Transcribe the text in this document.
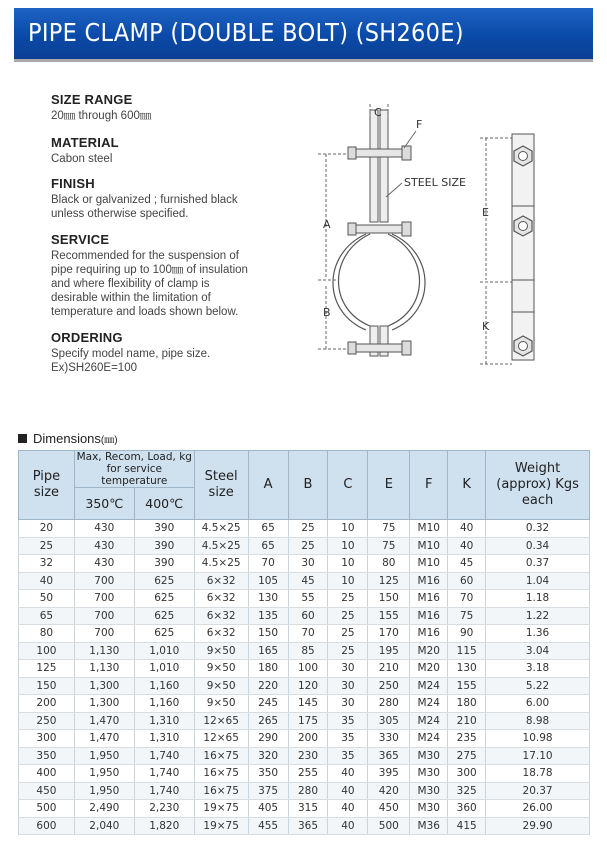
PIPE CLAMP (DOUBLE BOLT) (SH260E)
SIZE RANGE

20㎜ through 600㎜

MATERIAL

Cabon steel

FINISH

Black or galvanized ; furnished black
unless otherwise specified.

SERVICE

Recommended for the suspension of
pipe requiring up to 100㎜ of insulation
and where flexibility of clamp is
desirable within the limitation of
temperature and loads shown below.

ORDERING

Specify model name, pipe size.
Ex)SH260E=100

A
B
C
F
STEEL SIZE
E
K
Dimensions(㎜)
Pipe size	Max, Recom, Load, kg for service temperature		Steel size	A	B	C	E	F	K	Weight (approx) Kgs each
	350℃	400℃								
20	430	390	4.5×25	65	25	10	75	M10	40	0.32
25	430	390	4.5×25	65	25	10	75	M10	40	0.34
32	430	390	4.5×25	70	30	10	80	M10	45	0.37
40	700	625	6×32	105	45	10	125	M16	60	1.04
50	700	625	6×32	130	55	25	150	M16	70	1.18
65	700	625	6×32	135	60	25	155	M16	75	1.22
80	700	625	6×32	150	70	25	170	M16	90	1.36
100	1,130	1,010	9×50	165	85	25	195	M20	115	3.04
125	1,130	1,010	9×50	180	100	30	210	M20	130	3.18
150	1,300	1,160	9×50	220	120	30	250	M24	155	5.22
200	1,300	1,160	9×50	245	145	30	280	M24	180	6.00
250	1,470	1,310	12×65	265	175	35	305	M24	210	8.98
300	1,470	1,310	12×65	290	200	35	330	M24	235	10.98
350	1,950	1,740	16×75	320	230	35	365	M30	275	17.10
400	1,950	1,740	16×75	350	255	40	395	M30	300	18.78
450	1,950	1,740	16×75	375	280	40	420	M30	325	20.37
500	2,490	2,230	19×75	405	315	40	450	M30	360	26.00
600	2,040	1,820	19×75	455	365	40	500	M36	415	29.90
